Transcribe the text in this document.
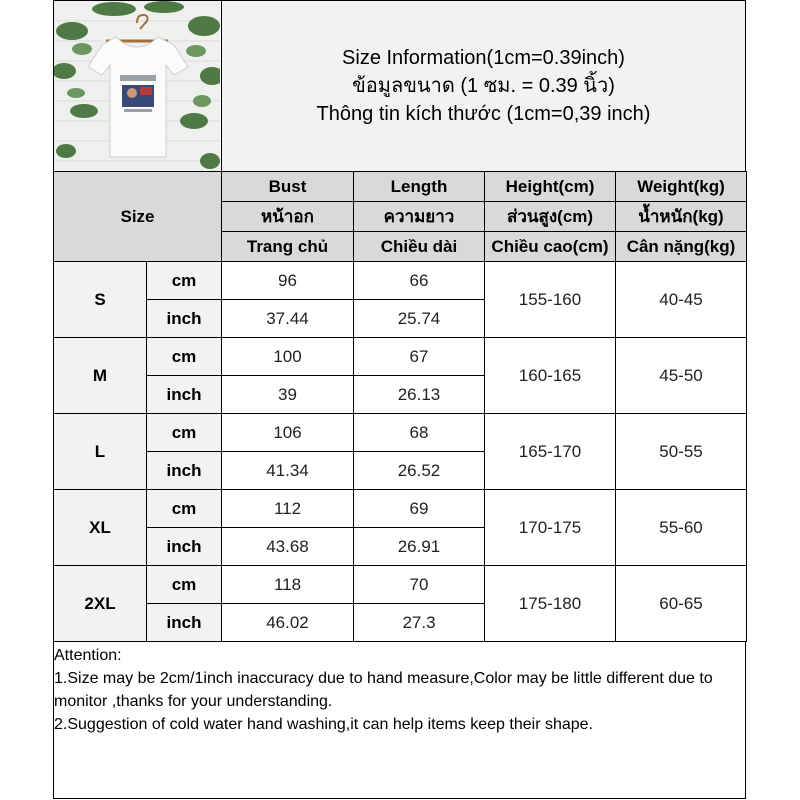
Size Information(1cm=0.39inch)
ข้อมูลขนาด (1 ซม. = 0.39 นิ้ว)
Thông tin kích thước (1cm=0,39 inch)
Size		Bust	Length	Height(cm)	Weight(kg)
		หน้าอก	ความยาว	ส่วนสูง(cm)	น้ำหนัก(kg)
		Trang chủ	Chiều dài	Chiều cao(cm)	Cân nặng(kg)
S	cm	96	66	155-160	40-45
	inch	37.44	25.74		
M	cm	100	67	160-165	45-50
	inch	39	26.13		
L	cm	106	68	165-170	50-55
	inch	41.34	26.52		
XL	cm	112	69	170-175	55-60
	inch	43.68	26.91		
2XL	cm	118	70	175-180	60-65
	inch	46.02	27.3		
Attention:
1.Size may be 2cm/1inch inaccuracy due to hand measure,Color may be little different due to monitor ,thanks for your understanding.
2.Suggestion of cold water hand washing,it can help items keep their shape.
